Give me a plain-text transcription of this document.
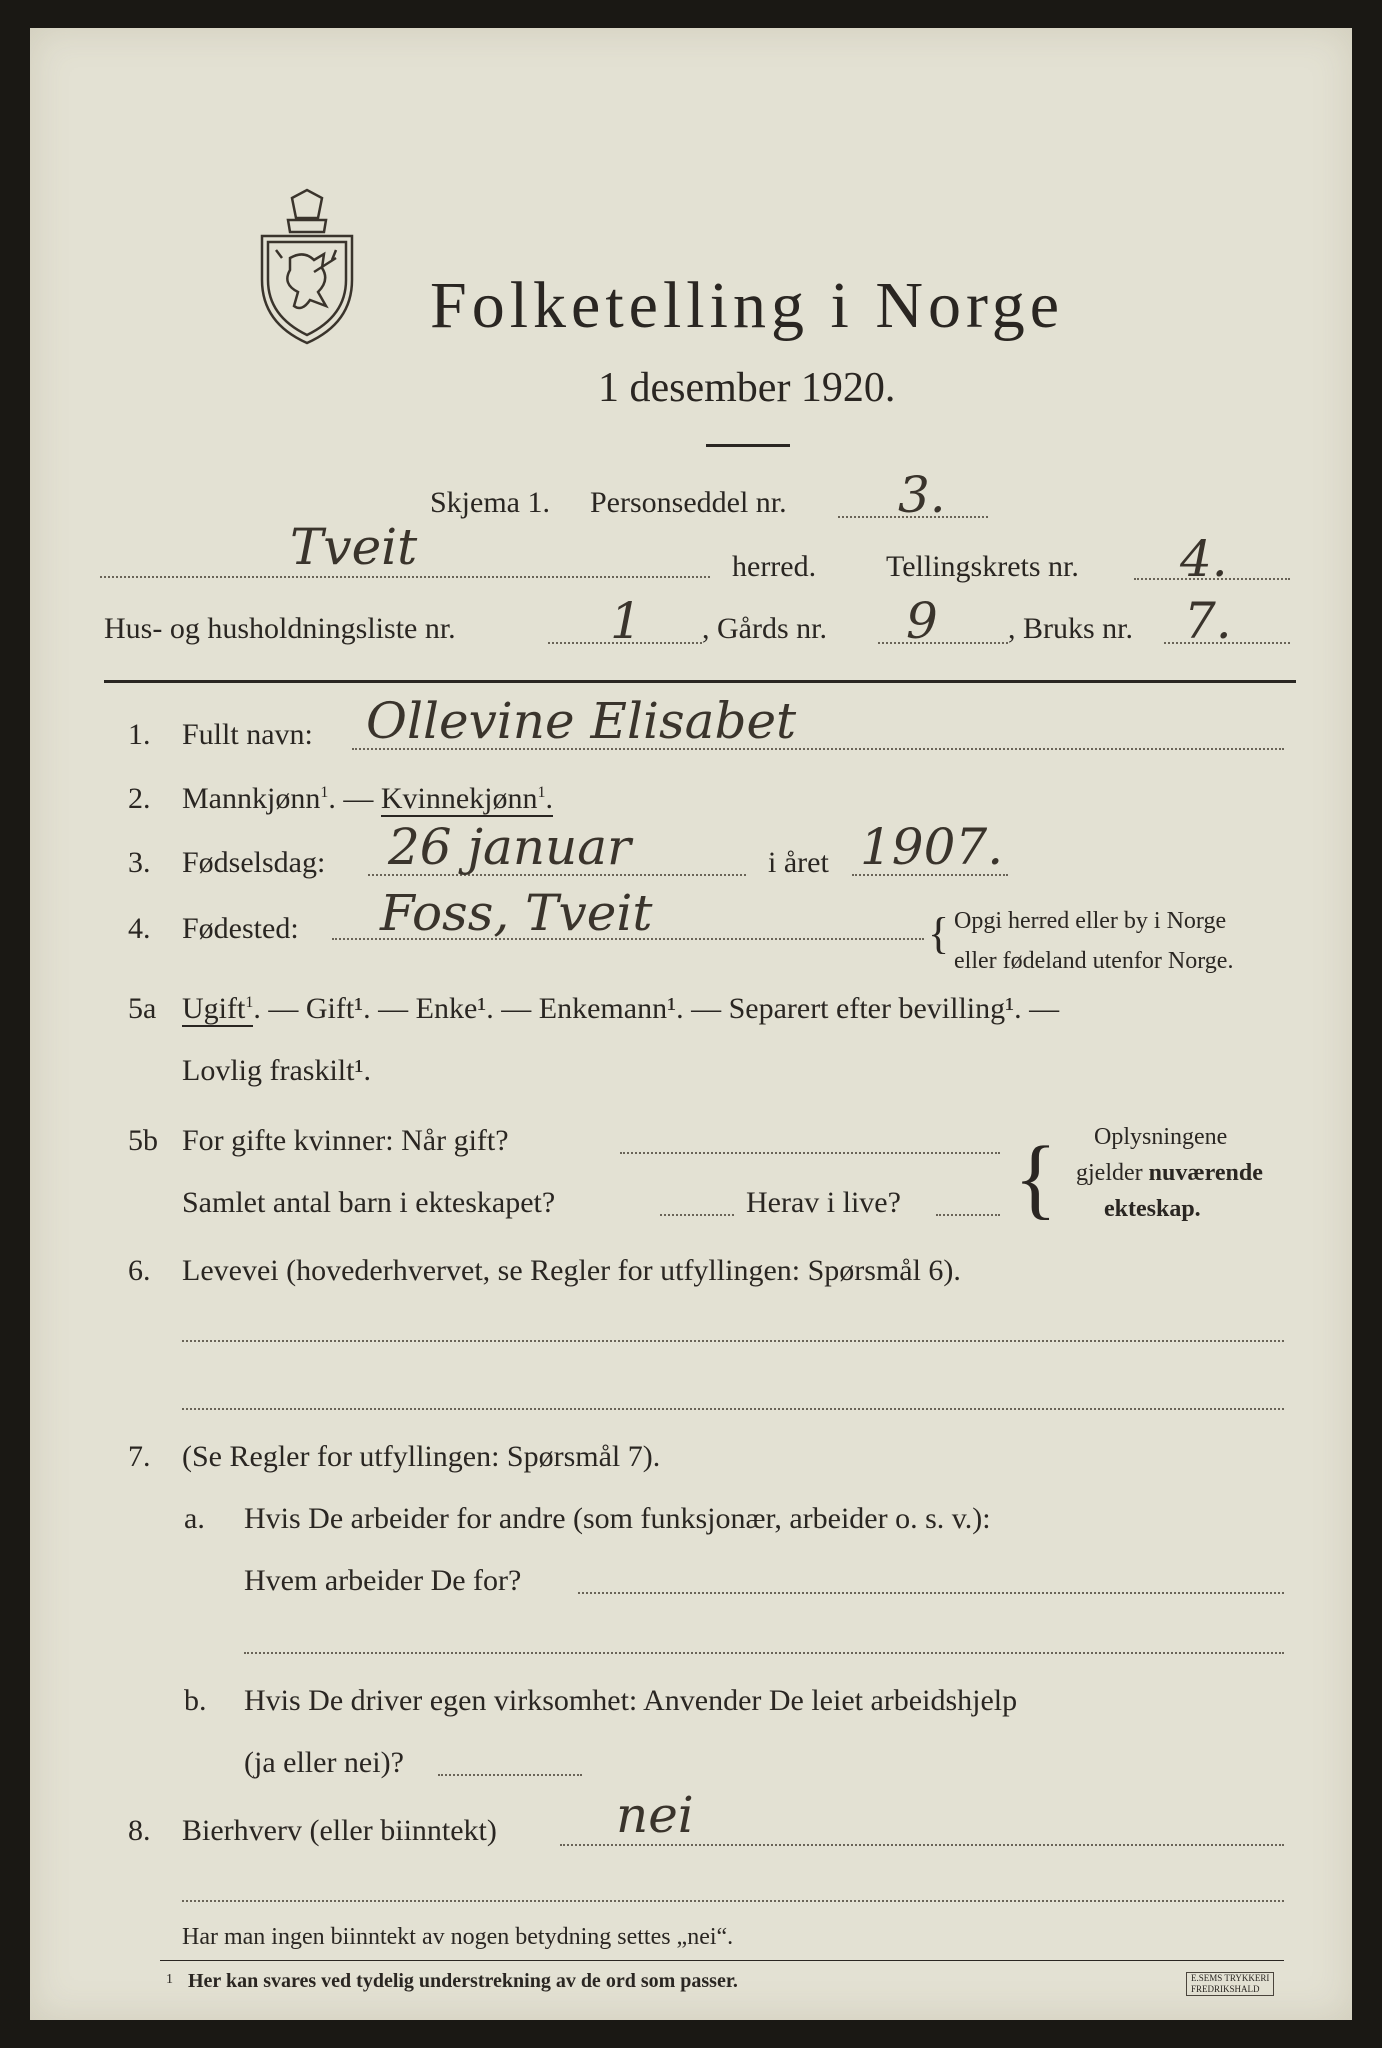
Folketelling i Norge
1 desember 1920.
Skjema 1. Personseddel nr. 3.
Tveit	herred. Tellingskrets nr. 4.
Hus- og husholdningsliste nr.	1 , Gårds nr. 9 , Bruks nr. 7.
1. Fullt navn: Ollevine Elisabet
2. Mannkjønn$^1$. — Kvinnekjønn$^1$.
3. Fødselsdag: 26 januar	i året 1907.
4. Fødested: Foss, Tveit	{ Opgi herred eller by i Norge
eller fødeland utenfor Norge.
5a Ugift$^1$. — Gift¹. — Enke¹. — Enkemann¹. — Separert efter bevilling¹. —
Lovlig fraskilt¹.
5b For gifte kvinner: Når gift?
Samlet antal barn i ekteskapet?	Herav i live? { Oplysningene
gjelder nuværende
ekteskap.
6. Levevei (hovederhvervet, se Regler for utfyllingen: Spørsmål 6).
7. (Se Regler for utfyllingen: Spørsmål 7).
a. Hvis De arbeider for andre (som funksjonær, arbeider o. s. v.):
Hvem arbeider De for?
b. Hvis De driver egen virksomhet: Anvender De leiet arbeidshjelp
(ja eller nei)?
8. Bierhverv (eller biinntekt) nei
Har man ingen biinntekt av nogen betydning settes „nei“.
1 Her kan svares ved tydelig understrekning av de ord som passer.	E.SEMS TRYKKERI
FREDRIKSHALD
